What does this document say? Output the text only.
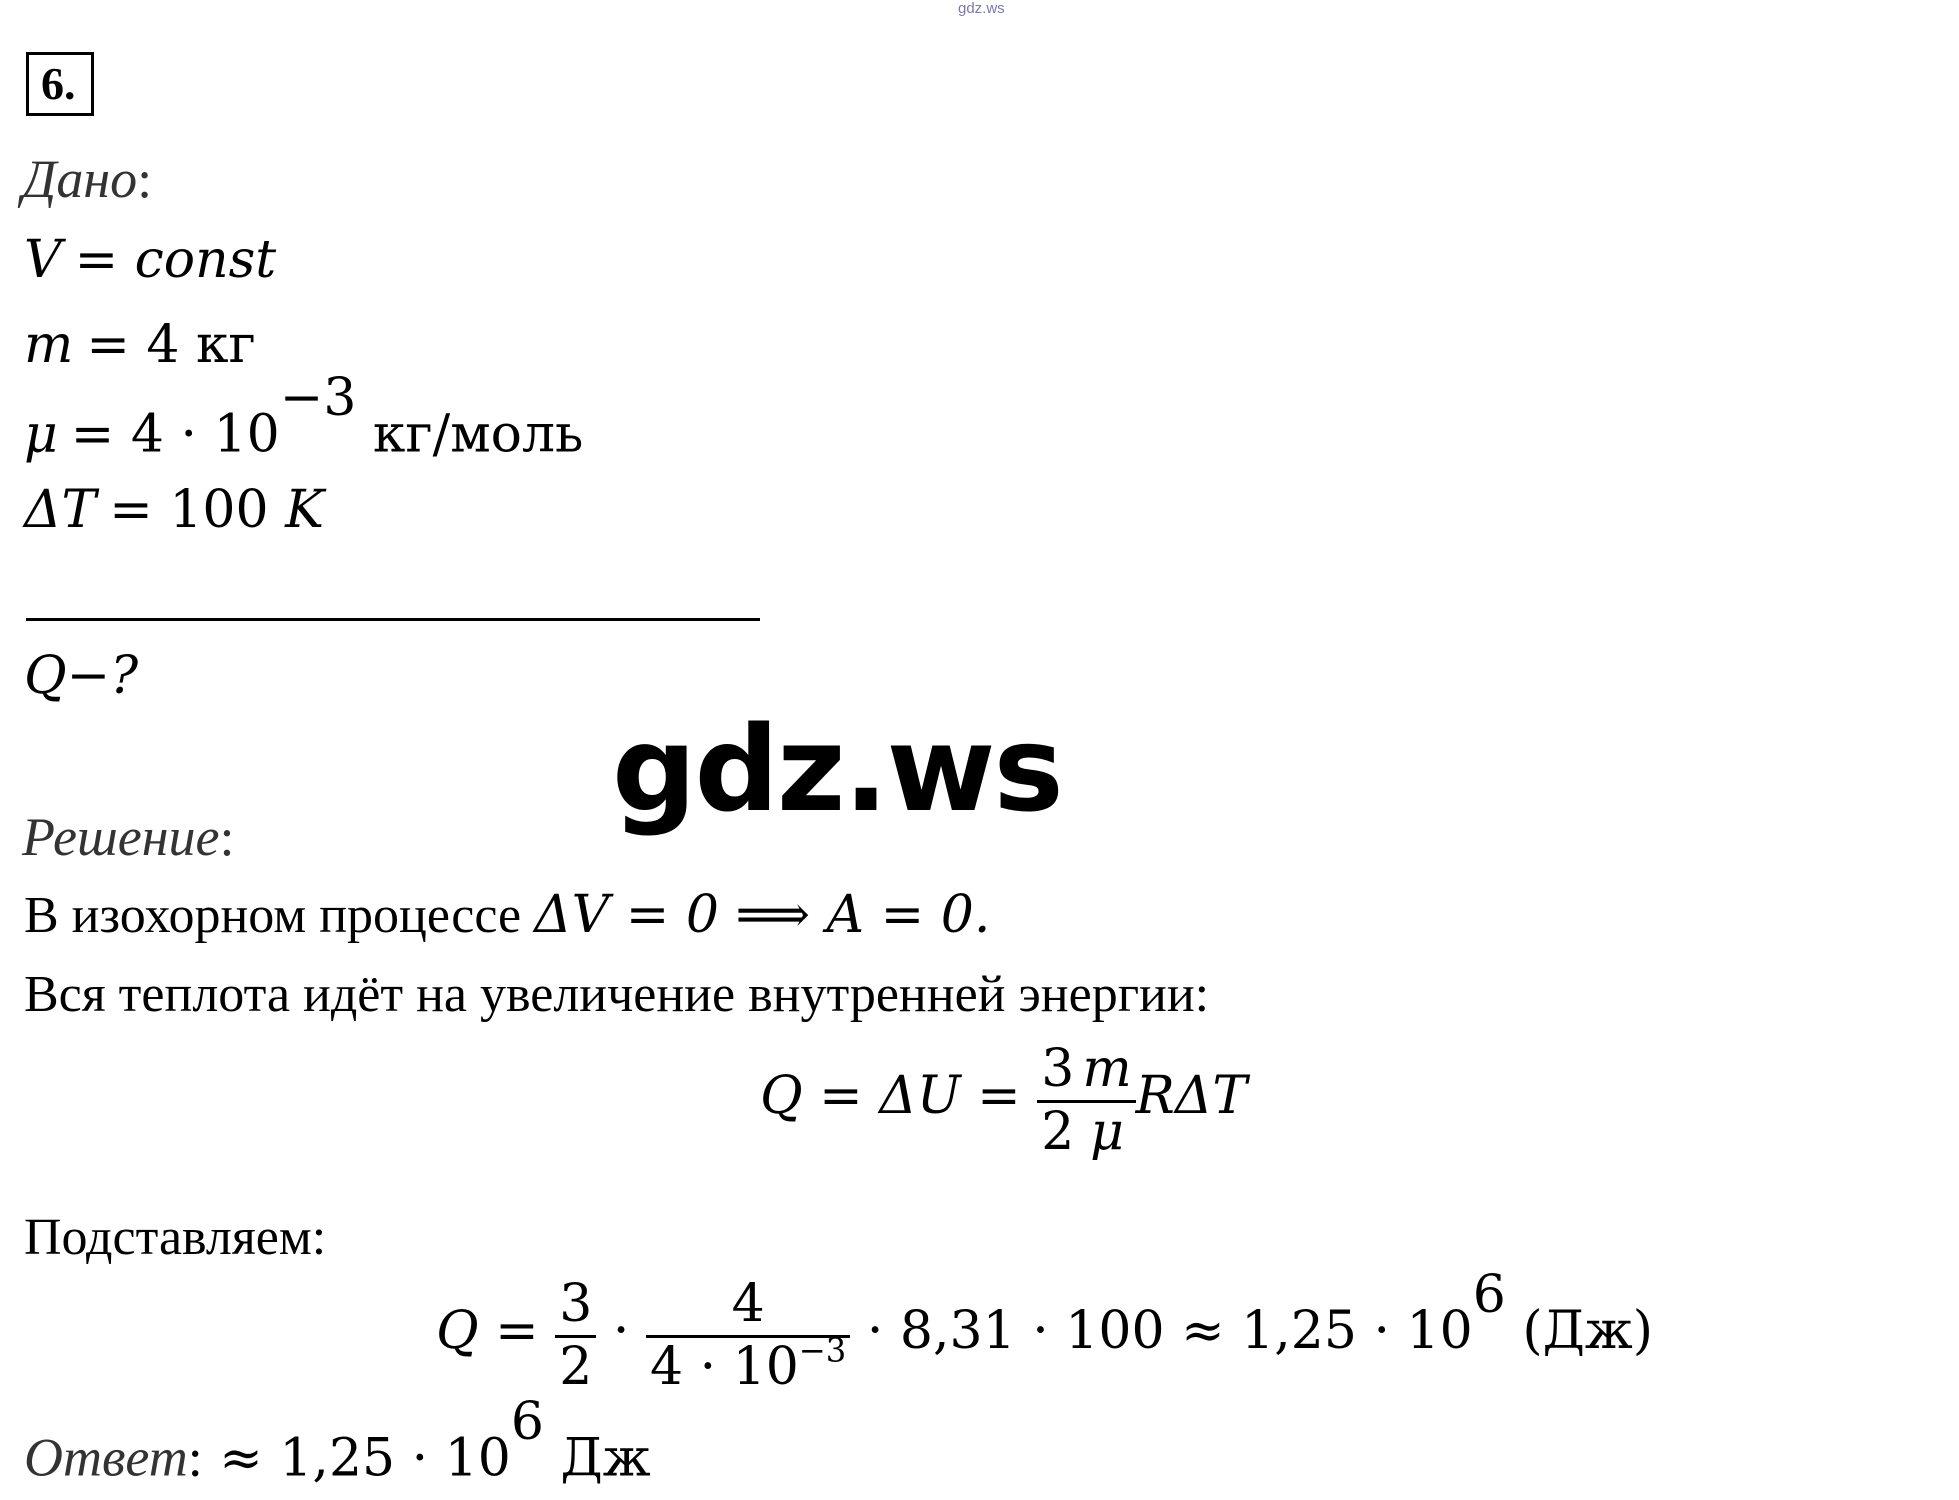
gdz.ws
6.
Дано:
V = const
m = 4 кг
$\mu = 4 \cdot 10^{-3}$ кг/моль
ΔT = 100 K
Q−?
gdz.ws
Решение:
В изохорном процессе ΔV = 0 ⟹ A = 0.
Вся теплота идёт на увеличение внутренней энергии:
$Q = \Delta U = \frac{3}{2} \frac{m}{\mu}$ RΔT
Подставляем:
$Q = \frac{3}{2} \cdot \frac{4}{4 \cdot 10^{-3}} \cdot 8,31 \cdot 100 \approx 1,25 \cdot 10^6$ (Дж)
Ответ: ≈ $1,25 \cdot 10^6$ Дж
